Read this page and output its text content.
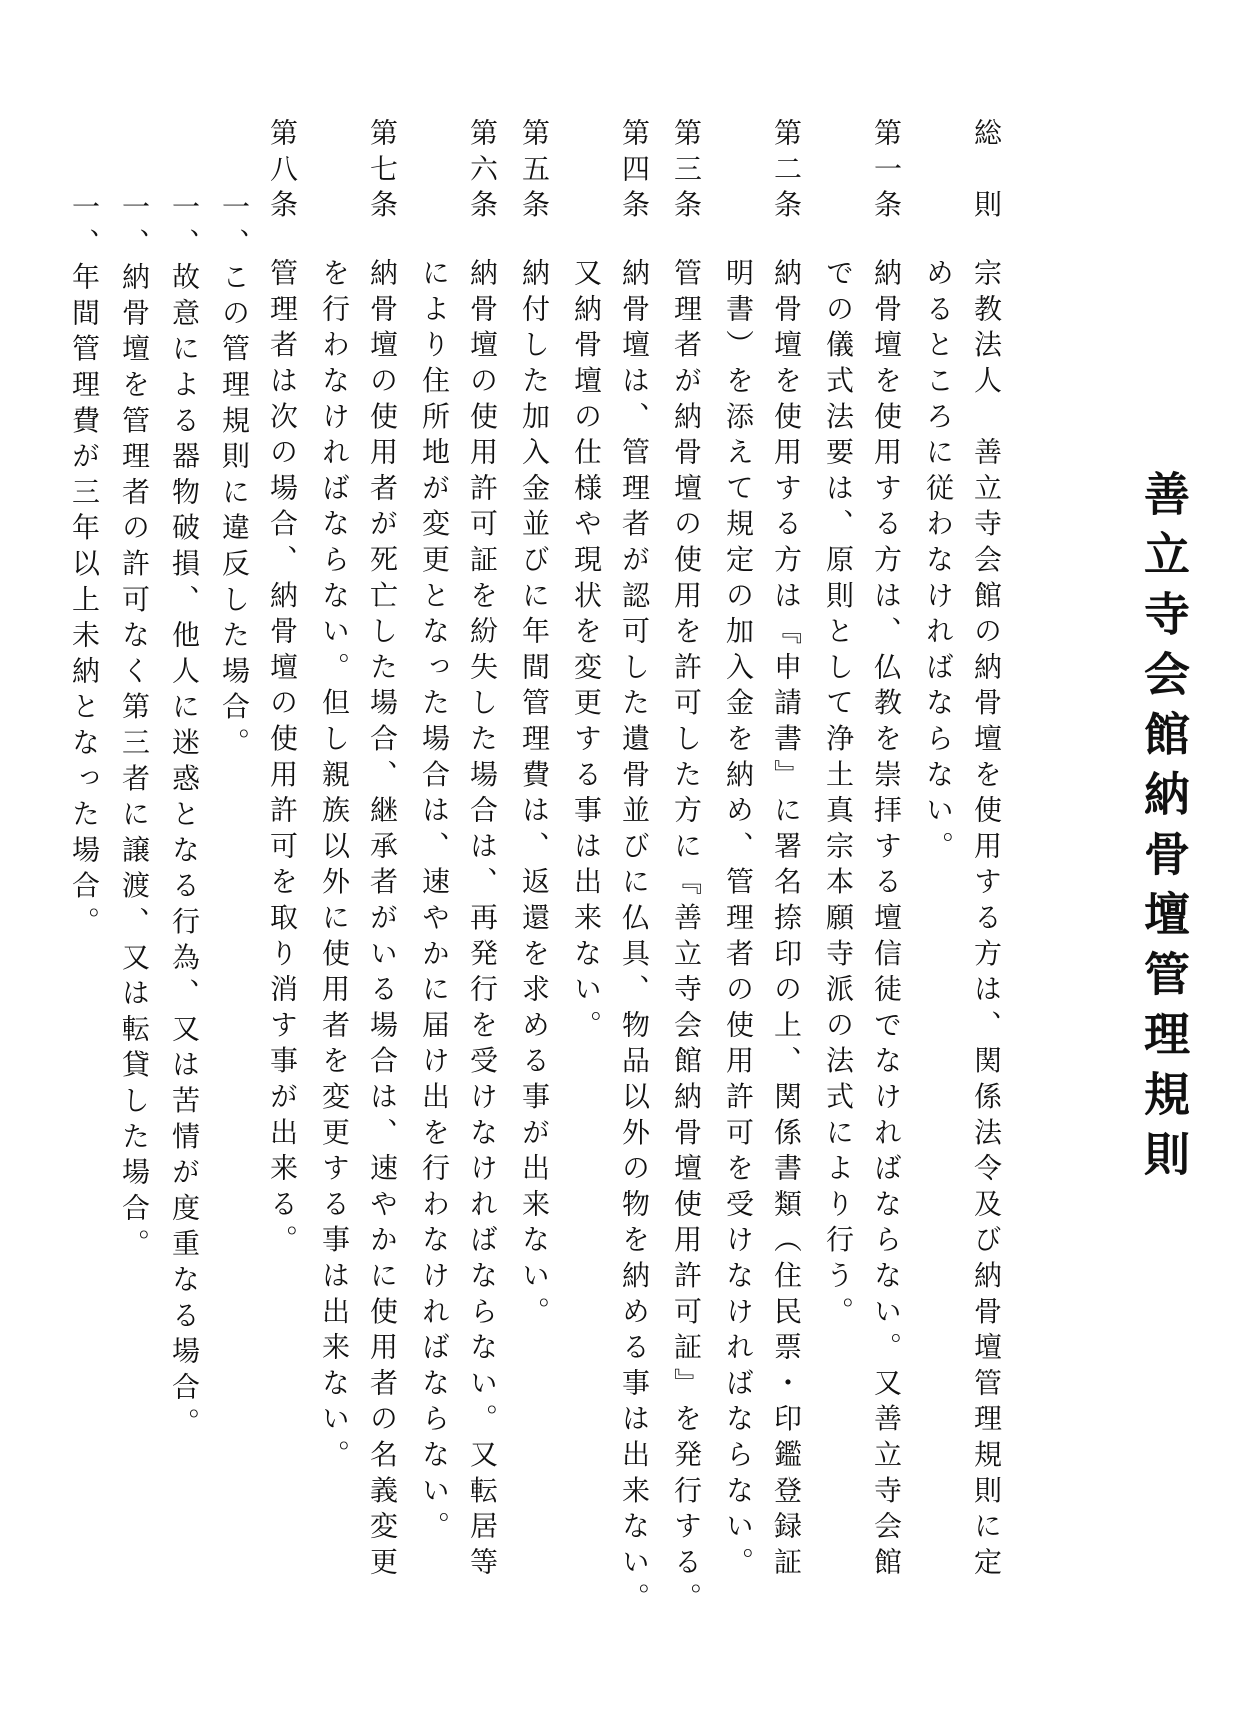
善立寺会館納骨壇管理規則
総　則宗教法人　善立寺会館の納骨壇を使用する方は、関係法令及び納骨壇管理規則に定
めるところに従わなければならない。
第一条納骨壇を使用する方は、仏教を崇拝する壇信徒でなければならない。又善立寺会館
での儀式法要は、原則として浄土真宗本願寺派の法式により行う。
第二条納骨壇を使用する方は『申請書』に署名捺印の上、関係書類（住民票・印鑑登録証
明書）を添えて規定の加入金を納め、管理者の使用許可を受けなければならない。
第三条管理者が納骨壇の使用を許可した方に『善立寺会館納骨壇使用許可証』を発行する。
第四条納骨壇は、管理者が認可した遺骨並びに仏具、物品以外の物を納める事は出来ない。
又納骨壇の仕様や現状を変更する事は出来ない。
第五条納付した加入金並びに年間管理費は、返還を求める事が出来ない。
第六条納骨壇の使用許可証を紛失した場合は、再発行を受けなければならない。又転居等
により住所地が変更となった場合は、速やかに届け出を行わなければならない。
第七条納骨壇の使用者が死亡した場合、継承者がいる場合は、速やかに使用者の名義変更
を行わなければならない。但し親族以外に使用者を変更する事は出来ない。
第八条管理者は次の場合、納骨壇の使用許可を取り消す事が出来る。
一、この管理規則に違反した場合。
一、故意による器物破損、他人に迷惑となる行為、又は苦情が度重なる場合。
一、納骨壇を管理者の許可なく第三者に譲渡、又は転貸した場合。
一、年間管理費が三年以上未納となった場合。
